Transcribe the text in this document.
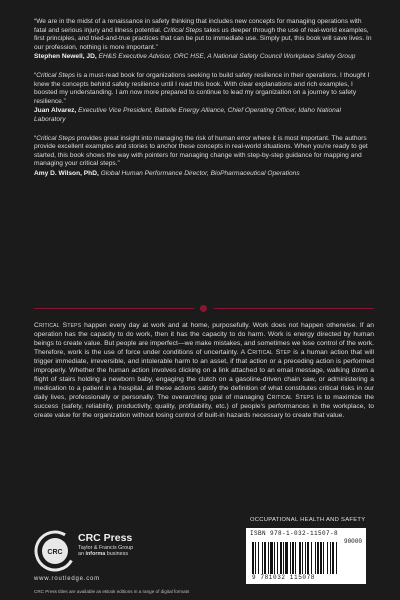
“We are in the midst of a renaissance in safety thinking that includes new concepts for managing operations with fatal and serious injury and illness potential. Critical Steps takes us deeper through the use of real-world examples, first principles, and tried-and-true practices that can be put to immediate use. Simply put, this book will save lives. In our profession, nothing is more important.”

Stephen Newell, JD, EH&S Executive Advisor, ORC HSE, A National Safety Council Workplace Safety Group

“Critical Steps is a must-read book for organizations seeking to build safety resilience in their operations. I thought I knew the concepts behind safety resilience until I read this book. With clear explanations and rich examples, I boosted my understanding. I am now more prepared to continue to lead my organization on a journey to safety resilience.”

Juan Alvarez, Executive Vice President, Battelle Energy Alliance, Chief Operating Officer, Idaho National Laboratory

“Critical Steps provides great insight into managing the risk of human error where it is most important. The authors provide excellent examples and stories to anchor these concepts in real-world situations. When you're ready to get started, this book shows the way with pointers for managing change with step-by-step guidance for mapping and managing your critical steps.”

Amy D. Wilson, PhD, Global Human Performance Director, BioPharmaceutical Operations

Critical Steps happen every day at work and at home, purposefully. Work does not happen otherwise. If an operation has the capacity to do work, then it has the capacity to do harm. Work is energy directed by human beings to create value. But people are imperfect—we make mistakes, and sometimes we lose control of the work. Therefore, work is the use of force under conditions of uncertainty. A Critical Step is a human action that will trigger immediate, irreversible, and intolerable harm to an asset, if that action or a preceding action is performed improperly. Whether the human action involves clicking on a link attached to an email message, walking down a flight of stairs holding a newborn baby, engaging the clutch on a gasoline-driven chain saw, or administering a medication to a patient in a hospital, all these actions satisfy the definition of what constitutes critical risks in our daily lives, professionally or personally. The overarching goal of managing Critical Steps is to maximize the success (safety, reliability, productivity, quality, profitability, etc.) of people's performances in the workplace, to create value for the organization without losing control of built-in hazards necessary to create that value.

OCCUPATIONAL HEALTH AND SAFETY
ISBN 978-1-032-11507-8
90000
9 781032 115078
CRC

CRC Press

Taylor & Francis Group
an informa business

www.routledge.com
CRC Press titles are available as eBook editions in a range of digital formats
